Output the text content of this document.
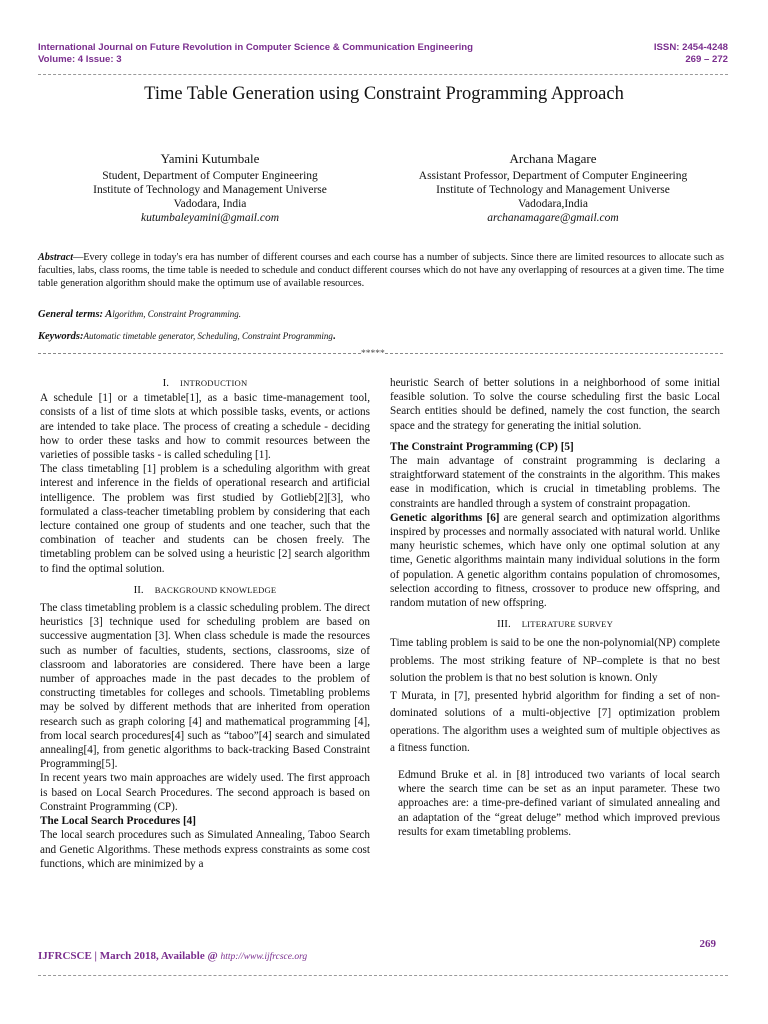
International Journal on Future Revolution in Computer Science & Communication Engineering	ISSN: 2454-4248
Volume: 4 Issue: 3	269 – 272
Time Table Generation using Constraint Programming Approach
Yamini Kutumbale
Student, Department of Computer Engineering
Institute of Technology and Management Universe
Vadodara, India
kutumbaleyamini@gmail.com
Archana Magare
Assistant Professor, Department of Computer Engineering
Institute of Technology and Management Universe
Vadodara,India
archanamagare@gmail.com
Abstract—Every college in today's era has number of different courses and each course has a number of subjects. Since there are limited resources to allocate such as faculties, labs, class rooms, the time table is needed to schedule and conduct different courses which do not have any overlapping of resources at a given time. The time table generation algorithm should make the optimum use of available resources.
General terms: Algorithm, Constraint Programming.
Keywords:Automatic timetable generator, Scheduling, Constraint Programming.
*****

I. INTRODUCTION

A schedule [1] or a timetable[1], as a basic time-management tool, consists of a list of time slots at which possible tasks, events, or actions are intended to take place. The process of creating a schedule - deciding how to order these tasks and how to commit resources between the varieties of possible tasks - is called scheduling [1].

The class timetabling [1] problem is a scheduling algorithm with great interest and inference in the fields of operational research and artificial intelligence. The problem was first studied by Gotlieb[2][3], who formulated a class-teacher timetabling problem by considering that each lecture contained one group of students and one teacher, such that the combination of teacher and students can be chosen freely. The timetabling problem can be solved using a heuristic [2] search algorithm to find the optimal solution.

II. BACKGROUND KNOWLEDGE

The class timetabling problem is a classic scheduling problem. The direct heuristics [3] technique used for scheduling problem are based on successive augmentation [3]. When class schedule is made the resources such as number of faculties, students, sections, classrooms, size of classroom and laboratories are considered. There have been a large number of approaches made in the past decades to the problem of constructing timetables for colleges and schools. Timetabling problems may be solved by different methods that are inherited from operation research such as graph coloring [4] and mathematical programming [4], from local search procedures[4] such as “taboo”[4] search and simulated annealing[4], from genetic algorithms to back-tracking Based Constraint Programming[5].

In recent years two main approaches are widely used. The first approach is based on Local Search Procedures. The second approach is based on Constraint Programming (CP).

The Local Search Procedures [4]

The local search procedures such as Simulated Annealing, Taboo Search and Genetic Algorithms. These methods express constraints as some cost functions, which are minimized by a

heuristic Search of better solutions in a neighborhood of some initial feasible solution. To solve the course scheduling first the basic Local Search entities should be defined, namely the cost function, the search space and the strategy for generating the initial solution.

The Constraint Programming (CP) [5]

The main advantage of constraint programming is declaring a straightforward statement of the constraints in the algorithm. This makes ease in modification, which is crucial in timetabling problems. The constraints are handled through a system of constraint propagation.

Genetic algorithms [6] are general search and optimization algorithms inspired by processes and normally associated with natural world. Unlike many heuristic schemes, which have only one optimal solution at any time, Genetic algorithms maintain many individual solutions in the form of population. A genetic algorithm contains population of chromosomes, selection according to fitness, crossover to produce new offspring, and random mutation of new offspring.

III. LITERATURE SURVEY

Time tabling problem is said to be one the non-polynomial(NP) complete problems. The most striking feature of NP–complete is that no best solution the problem is that no best solution is known. Only

T Murata, in [7], presented hybrid algorithm for finding a set of non-dominated solutions of a multi-objective [7] optimization problem operations. The algorithm uses a weighted sum of multiple objectives as a fitness function.

Edmund Bruke et al. in [8] introduced two variants of local search where the search time can be set as an input parameter. These two approaches are: a time-pre-defined variant of simulated annealing and an adaptation of the “great deluge” method which improved previous results for exam timetabling problems.

269
IJFRCSCE | March 2018, Available @ http://www.ijfrcsce.org
